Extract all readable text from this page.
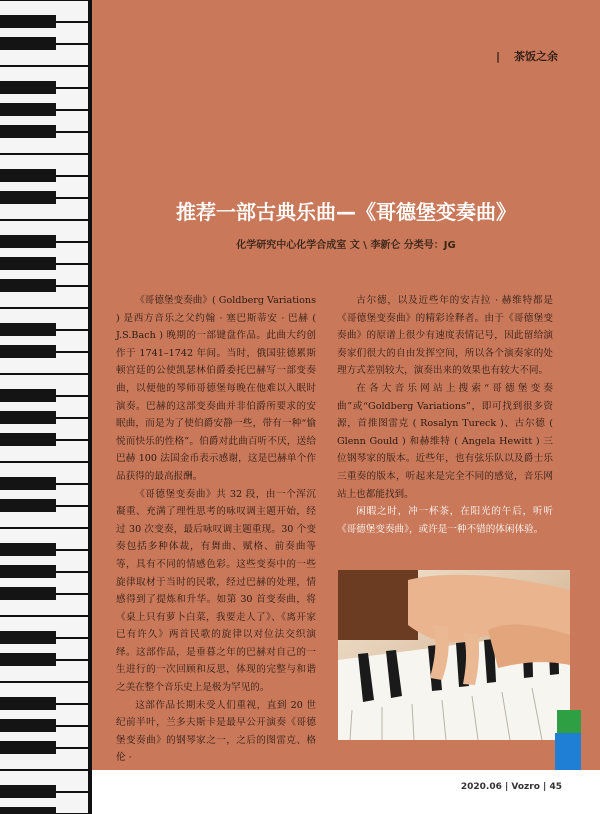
| 茶饭之余
推荐一部古典乐曲—《哥德堡变奏曲》
化学研究中心化学合成室 文 \ 李新仑 分类号：JG

《哥德堡变奏曲》( Goldberg Variations ) 是西方音乐之父约翰 · 塞巴斯蒂安 · 巴赫 ( J.S.Bach ) 晚期的一部键盘作品。此曲大约创作于 1741–1742 年间。当时，俄国驻德累斯顿宫廷的公使凯瑟林伯爵委托巴赫写一部变奏曲，以便他的琴师哥德堡每晚在他难以入眠时演奏。巴赫的这部变奏曲并非伯爵所要求的安眠曲，而是为了使伯爵安静一些，带有一种“愉悦而快乐的性格”。伯爵对此曲百听不厌，送给巴赫 100 法国金币表示感谢，这是巴赫单个作品获得的最高报酬。

《哥德堡变奏曲》共 32 段，由一个浑沉凝重、充满了理性思考的咏叹调主题开始，经过 30 次变奏，最后咏叹调主题重现。30 个变奏包括多种体裁，有舞曲、赋格、前奏曲等等，具有不同的情感色彩。这些变奏中的一些旋律取材于当时的民歌，经过巴赫的处理，情感得到了提炼和升华。如第 30 首变奏曲，将《桌上只有萝卜白菜，我要走人了》、《离开家已有许久》两首民歌的旋律以对位法交织演绎。这部作品，是垂暮之年的巴赫对自己的一生进行的一次回顾和反思，体现的完整与和谐之美在整个音乐史上是极为罕见的。

这部作品长期未受人们重视，直到 20 世纪前半叶，兰多夫斯卡是最早公开演奏《哥德堡变奏曲》的钢琴家之一，之后的图雷克、格伦 ·

古尔德，以及近些年的安吉拉 · 赫维特都是《哥德堡变奏曲》的精彩诠释者。由于《哥德堡变奏曲》的原谱上很少有速度表情记号，因此留给演奏家们很大的自由发挥空间，所以各个演奏家的处理方式差别较大，演奏出来的效果也有较大不同。

在各大音乐网站上搜索“哥德堡变奏曲”或“Goldberg Variations”，即可找到很多资源，首推图雷克 ( Rosalyn Tureck )、古尔德 ( Glenn Gould ) 和赫维特 ( Angela Hewitt ) 三位钢琴家的版本。近些年，也有弦乐队以及爵士乐三重奏的版本，听起来是完全不同的感觉，音乐网站上也都能找到。

闲暇之时，冲一杯茶，在阳光的午后，听听《哥德堡变奏曲》，或许是一种不错的体闲体验。

2020.06 | Vozro | 45
